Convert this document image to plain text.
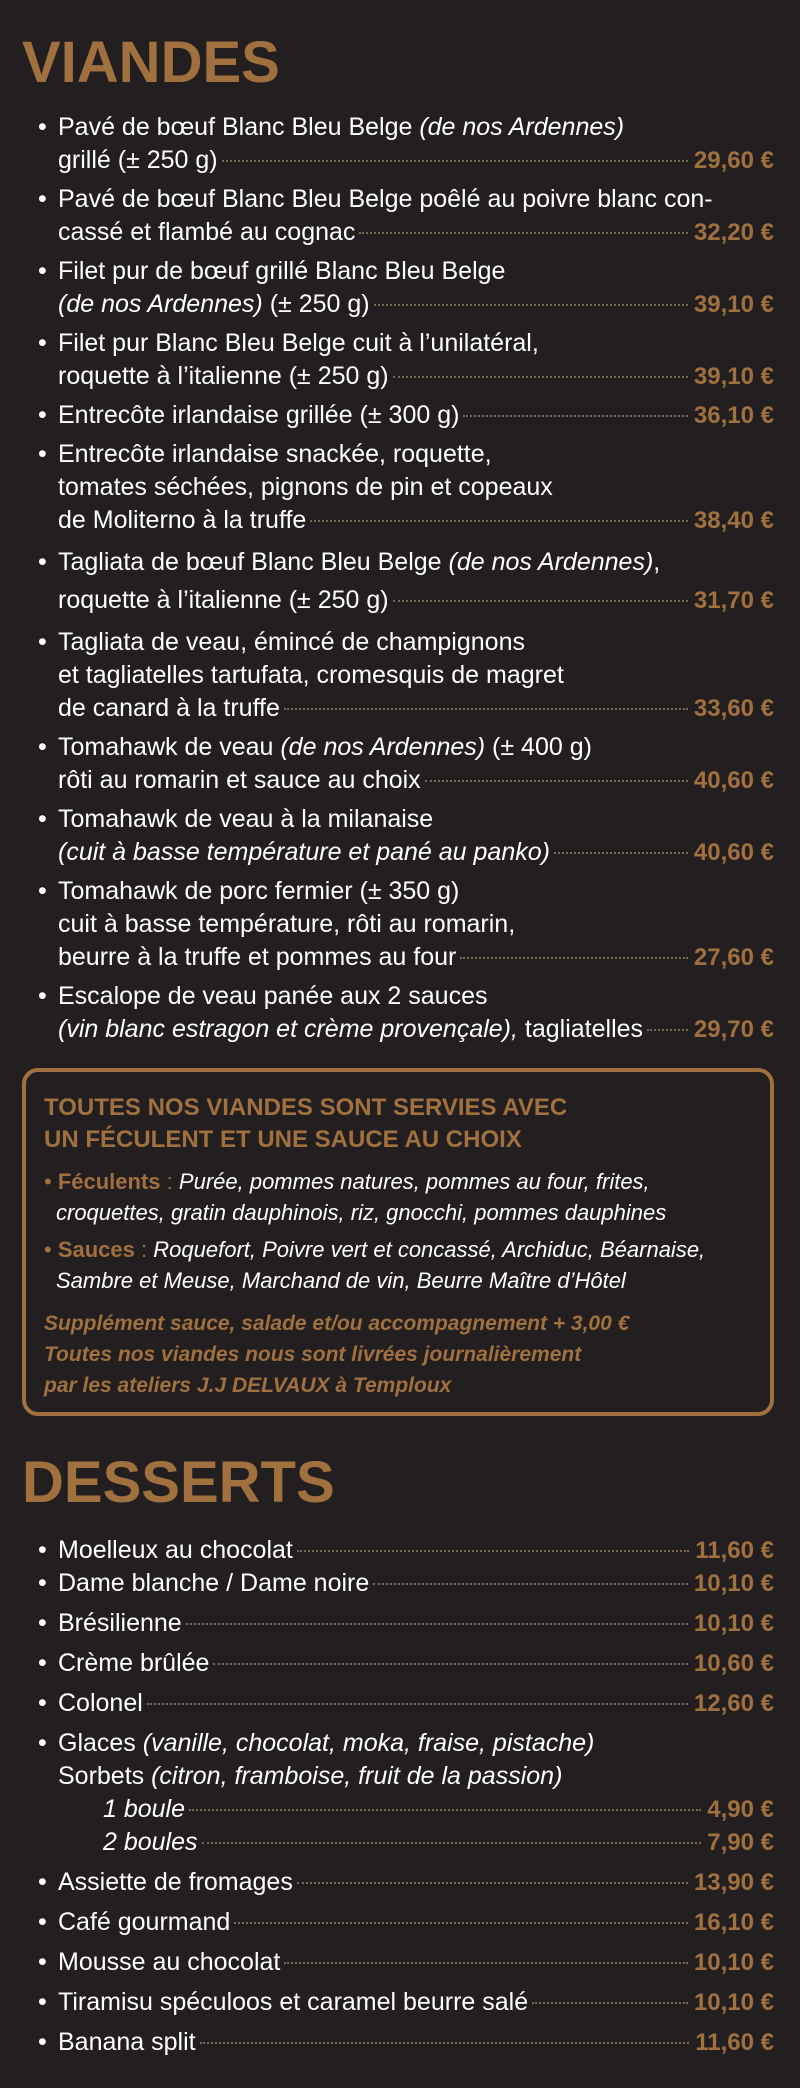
VIANDES
• Pavé de bœuf Blanc Bleu Belge (de nos Ardennes)
grillé (± 250 g)	29,60 €
• Pavé de bœuf Blanc Bleu Belge poêlé au poivre blanc con-
cassé et flambé au cognac	32,20 €
• Filet pur de bœuf grillé Blanc Bleu Belge
(de nos Ardennes) (± 250 g)	39,10 €
• Filet pur Blanc Bleu Belge cuit à l’unilatéral,
roquette à l’italienne (± 250 g)	39,10 €
• Entrecôte irlandaise grillée (± 300 g)	36,10 €
• Entrecôte irlandaise snackée, roquette,
tomates séchées, pignons de pin et copeaux
de Moliterno à la truffe	38,40 €
• Tagliata de bœuf Blanc Bleu Belge (de nos Ardennes),
roquette à l’italienne (± 250 g)	31,70 €
• Tagliata de veau, émincé de champignons
et tagliatelles tartufata, cromesquis de magret
de canard à la truffe	33,60 €
• Tomahawk de veau (de nos Ardennes) (± 400 g)
rôti au romarin et sauce au choix	40,60 €
• Tomahawk de veau à la milanaise
(cuit à basse température et pané au panko)	40,60 €
• Tomahawk de porc fermier (± 350 g)
cuit à basse température, rôti au romarin,
beurre à la truffe et pommes au four	27,60 €
• Escalope de veau panée aux 2 sauces
(vin blanc estragon et crème provençale), tagliatelles 29,70 €
TOUTES NOS VIANDES SONT SERVIES AVEC
UN FÉCULENT ET UNE SAUCE AU CHOIX
• Féculents : Purée, pommes natures, pommes au four, frites,
croquettes, gratin dauphinois, riz, gnocchi, pommes dauphines
• Sauces : Roquefort, Poivre vert et concassé, Archiduc, Béarnaise,
Sambre et Meuse, Marchand de vin, Beurre Maître d’Hôtel
Supplément sauce, salade et/ou accompagnement + 3,00 €
Toutes nos viandes nous sont livrées journalièrement
par les ateliers J.J DELVAUX à Temploux
DESSERTS
• Moelleux au chocolat	11,60 €
• Dame blanche / Dame noire	10,10 €
• Brésilienne	10,10 €
• Crème brûlée	10,60 €
• Colonel	12,60 €
• Glaces (vanille, chocolat, moka, fraise, pistache)
Sorbets (citron, framboise, fruit de la passion)
1 boule	4,90 €
2 boules	7,90 €
• Assiette de fromages	13,90 €
• Café gourmand	16,10 €
• Mousse au chocolat	10,10 €
• Tiramisu spéculoos et caramel beurre salé	10,10 €
• Banana split	11,60 €
